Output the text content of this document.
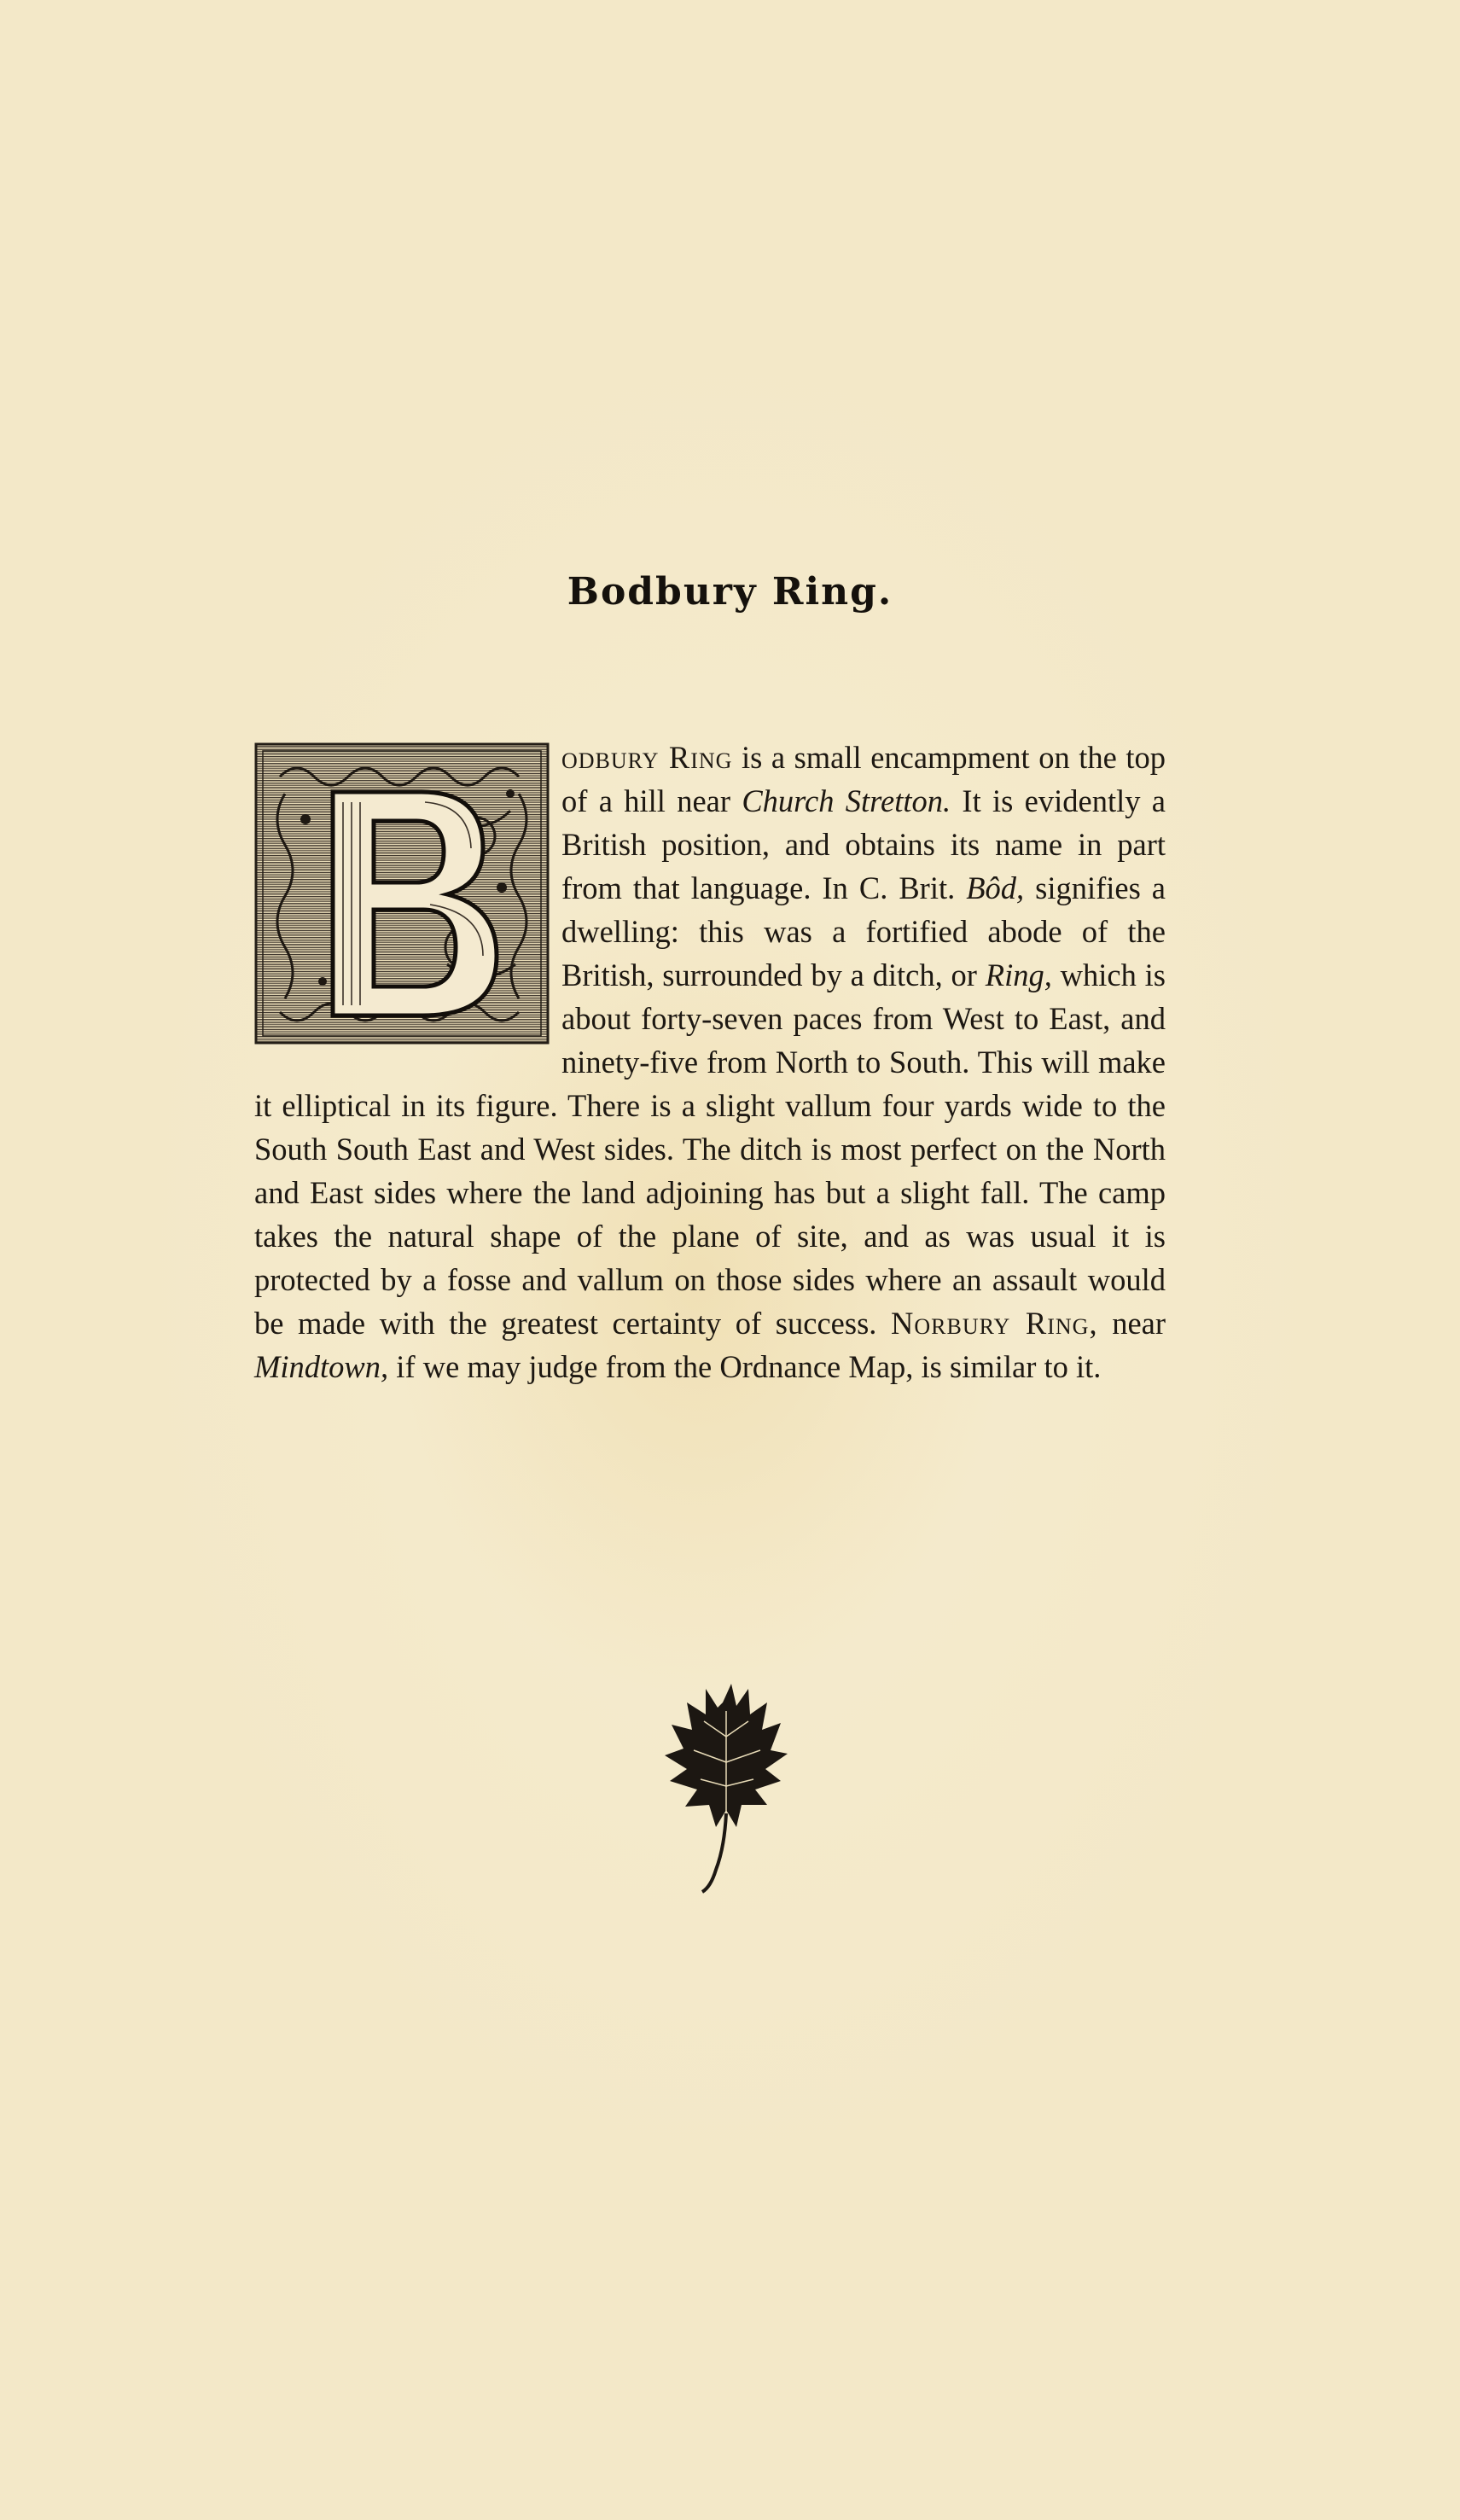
Bodbury Ring.
odbury Ring is a small encampment on the top of a hill near Church Stretton. It is evidently a British position, and obtains its name in part from that language. In C. Brit. Bôd, signifies a dwelling: this was a fortified abode of the British, surrounded by a ditch, or Ring, which is about forty-seven paces from West to East, and ninety-five from North to South. This will make it elliptical in its figure. There is a slight vallum four yards wide to the South South East and West sides. The ditch is most perfect on the North and East sides where the land adjoining has but a slight fall. The camp takes the natural shape of the plane of site, and as was usual it is protected by a fosse and vallum on those sides where an assault would be made with the greatest certainty of success. Norbury Ring, near Mindtown, if we may judge from the Ordnance Map, is similar to it.
